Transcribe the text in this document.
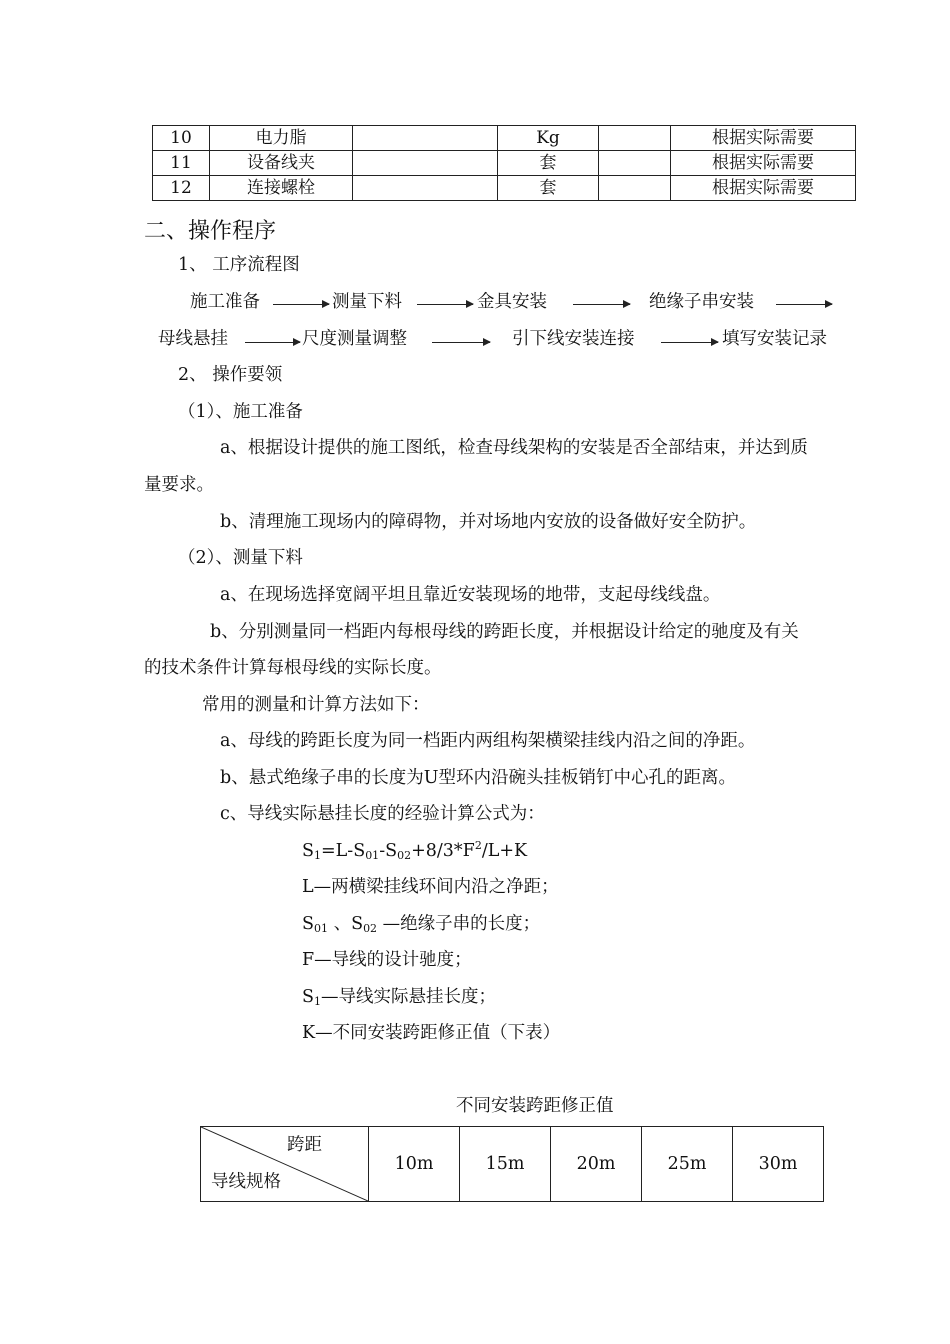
10	电力脂		Kg		根据实际需要
11	设备线夹		套		根据实际需要
12	连接螺栓		套		根据实际需要
二、操作程序
1、 工序流程图
施工准备	测量下料	金具安装	绝缘子串安装
母线悬挂	尺度测量调整	引下线安装连接	填写安装记录
2、 操作要领
（1）、施工准备
a、根据设计提供的施工图纸，检查母线架构的安装是否全部结束，并达到质
量要求。
b、清理施工现场内的障碍物，并对场地内安放的设备做好安全防护。
（2）、测量下料
a、在现场选择宽阔平坦且靠近安装现场的地带，支起母线线盘。
b、分别测量同一档距内每根母线的跨距长度，并根据设计给定的驰度及有关
的技术条件计算每根母线的实际长度。
常用的测量和计算方法如下：
a、母线的跨距长度为同一档距内两组构架横梁挂线内沿之间的净距。
b、悬式绝缘子串的长度为U型环内沿碗头挂板销钉中心孔的距离。
c、导线实际悬挂长度的经验计算公式为：
$S_1=L-S_{01}-S_{02}+8/3*F^2/L+K$
L—两横梁挂线环间内沿之净距；
$S_{01}$ 、$S_{02}$ —绝缘子串的长度；
F—导线的设计驰度；
$S_1—$导线实际悬挂长度；
K—不同安装跨距修正值（下表）
不同安装跨距修正值
跨距
导线规格
	10m	15m	20m	25m	30m
